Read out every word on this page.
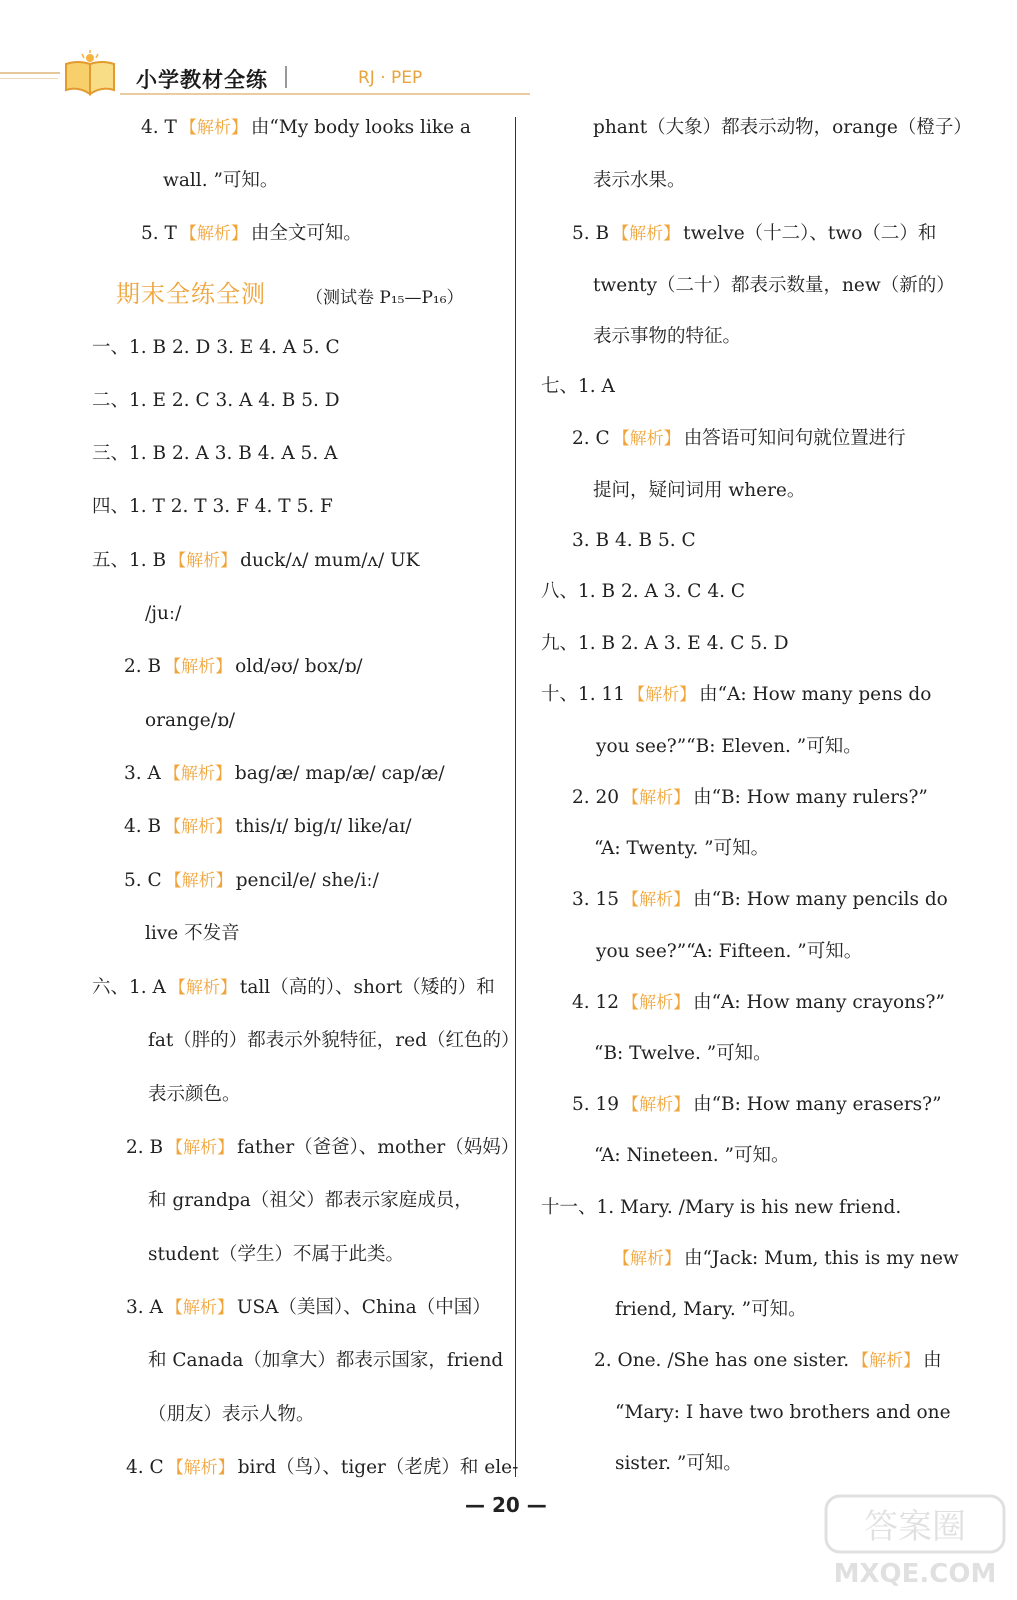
小学教材全练	RJ · PEP
4. T 【解析】 由“My body looks like a
wall. ”可知。
5. T 【解析】 由全文可知。
期末全练全测 （测试卷 P₁₅—P₁₆）
一、1. B 2. D 3. E 4. A 5. C
二、1. E 2. C 3. A 4. B 5. D
三、1. B 2. A 3. B 4. A 5. A
四、1. T 2. T 3. F 4. T 5. F
五、1. B 【解析】 duck/ʌ/ mum/ʌ/ UK
/juː/
2. B 【解析】 old/əʊ/ box/ɒ/
orange/ɒ/
3. A 【解析】 bag/æ/ map/æ/ cap/æ/
4. B 【解析】 this/ɪ/ big/ɪ/ like/aɪ/
5. C 【解析】 pencil/e/ she/iː/
live 不发音
六、1. A 【解析】 tall（高的）、short（矮的）和
fat（胖的）都表示外貌特征，red（红色的）
表示颜色。
2. B 【解析】 father（爸爸）、mother（妈妈）
和 grandpa（祖父）都表示家庭成员，
student（学生）不属于此类。
3. A 【解析】 USA（美国）、China（中国）
和 Canada（加拿大）都表示国家，friend
（朋友）表示人物。
4. C 【解析】 bird（鸟）、tiger（老虎）和 ele-
phant（大象）都表示动物，orange（橙子）
表示水果。
5. B 【解析】 twelve（十二）、two（二）和
twenty（二十）都表示数量，new（新的）
表示事物的特征。
七、1. A
2. C 【解析】 由答语可知问句就位置进行
提问，疑问词用 where。
3. B 4. B 5. C
八、1. B 2. A 3. C 4. C
九、1. B 2. A 3. E 4. C 5. D
十、1. 11 【解析】 由“A: How many pens do
you see?”“B: Eleven. ”可知。
2. 20 【解析】 由“B: How many rulers?”
“A: Twenty. ”可知。
3. 15 【解析】 由“B: How many pencils do
you see?”“A: Fifteen. ”可知。
4. 12 【解析】 由“A: How many crayons?”
“B: Twelve. ”可知。
5. 19 【解析】 由“B: How many erasers?”
“A: Nineteen. ”可知。
十一、1. Mary. /Mary is his new friend.
【解析】 由“Jack: Mum, this is my new
friend, Mary. ”可知。
2. One. /She has one sister. 【解析】 由
“Mary: I have two brothers and one
sister. ”可知。
— 20 —
答案圈
MXQE.COM
